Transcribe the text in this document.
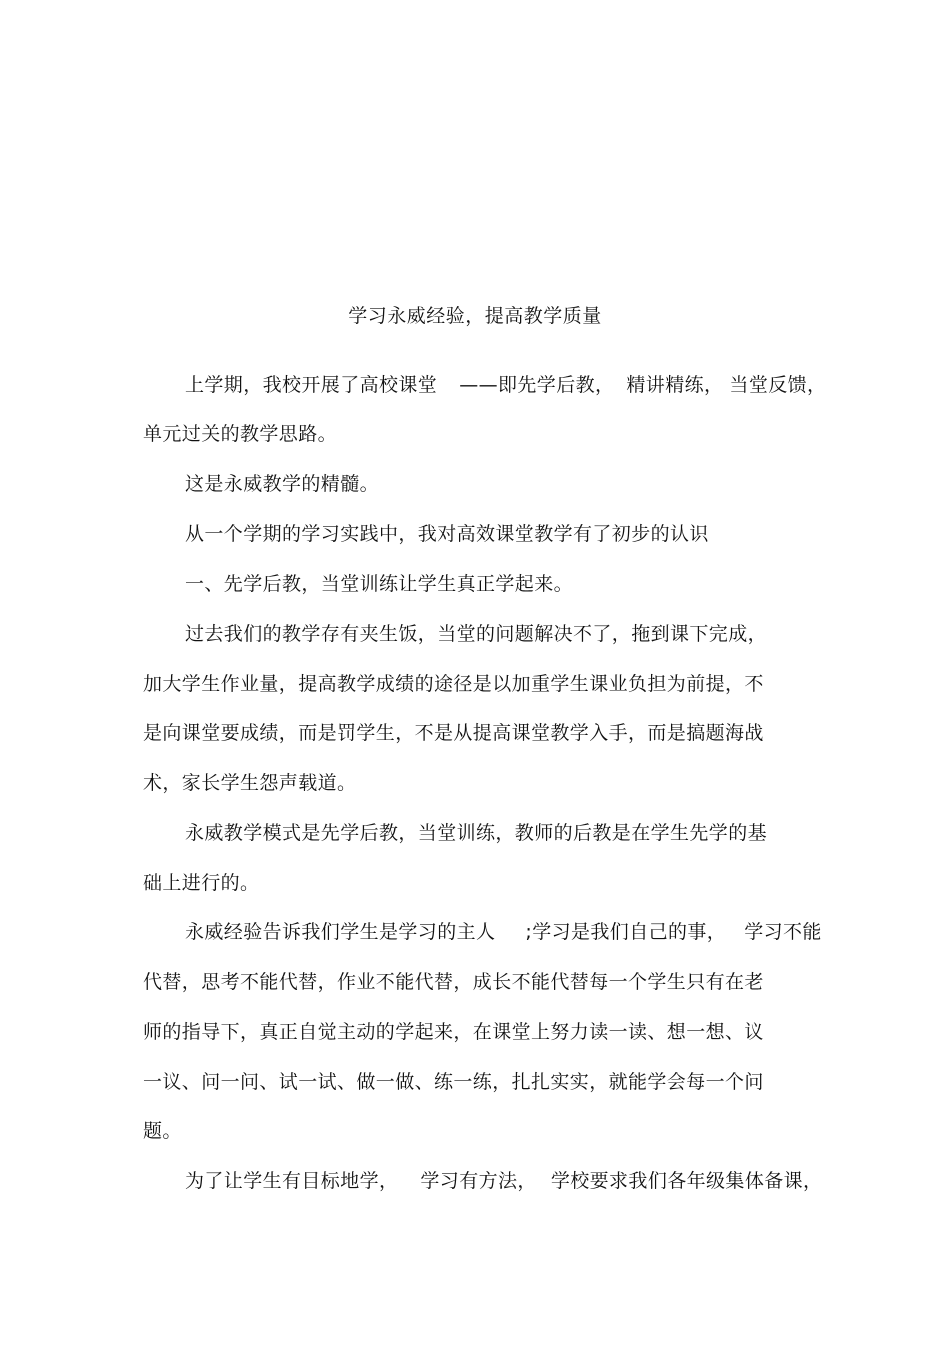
学习永威经验，提高教学质量
上学期，我校开展了高校课堂 ——即先学后教， 精讲精练， 当堂反馈，
单元过关的教学思路。
这是永威教学的精髓。
从一个学期的学习实践中，我对高效课堂教学有了初步的认识
一、先学后教，当堂训练让学生真正学起来。
过去我们的教学存有夹生饭，当堂的问题解决不了，拖到课下完成，
加大学生作业量，提高教学成绩的途径是以加重学生课业负担为前提，不
是向课堂要成绩，而是罚学生，不是从提高课堂教学入手，而是搞题海战
术，家长学生怨声载道。
永威教学模式是先学后教，当堂训练，教师的后教是在学生先学的基
础上进行的。
永威经验告诉我们学生是学习的主人 ;学习是我们自己的事， 学习不能
代替，思考不能代替，作业不能代替，成长不能代替每一个学生只有在老
师的指导下，真正自觉主动的学起来，在课堂上努力读一读、想一想、议
一议、问一问、试一试、做一做、练一练，扎扎实实，就能学会每一个问
题。
为了让学生有目标地学， 学习有方法， 学校要求我们各年级集体备课，
